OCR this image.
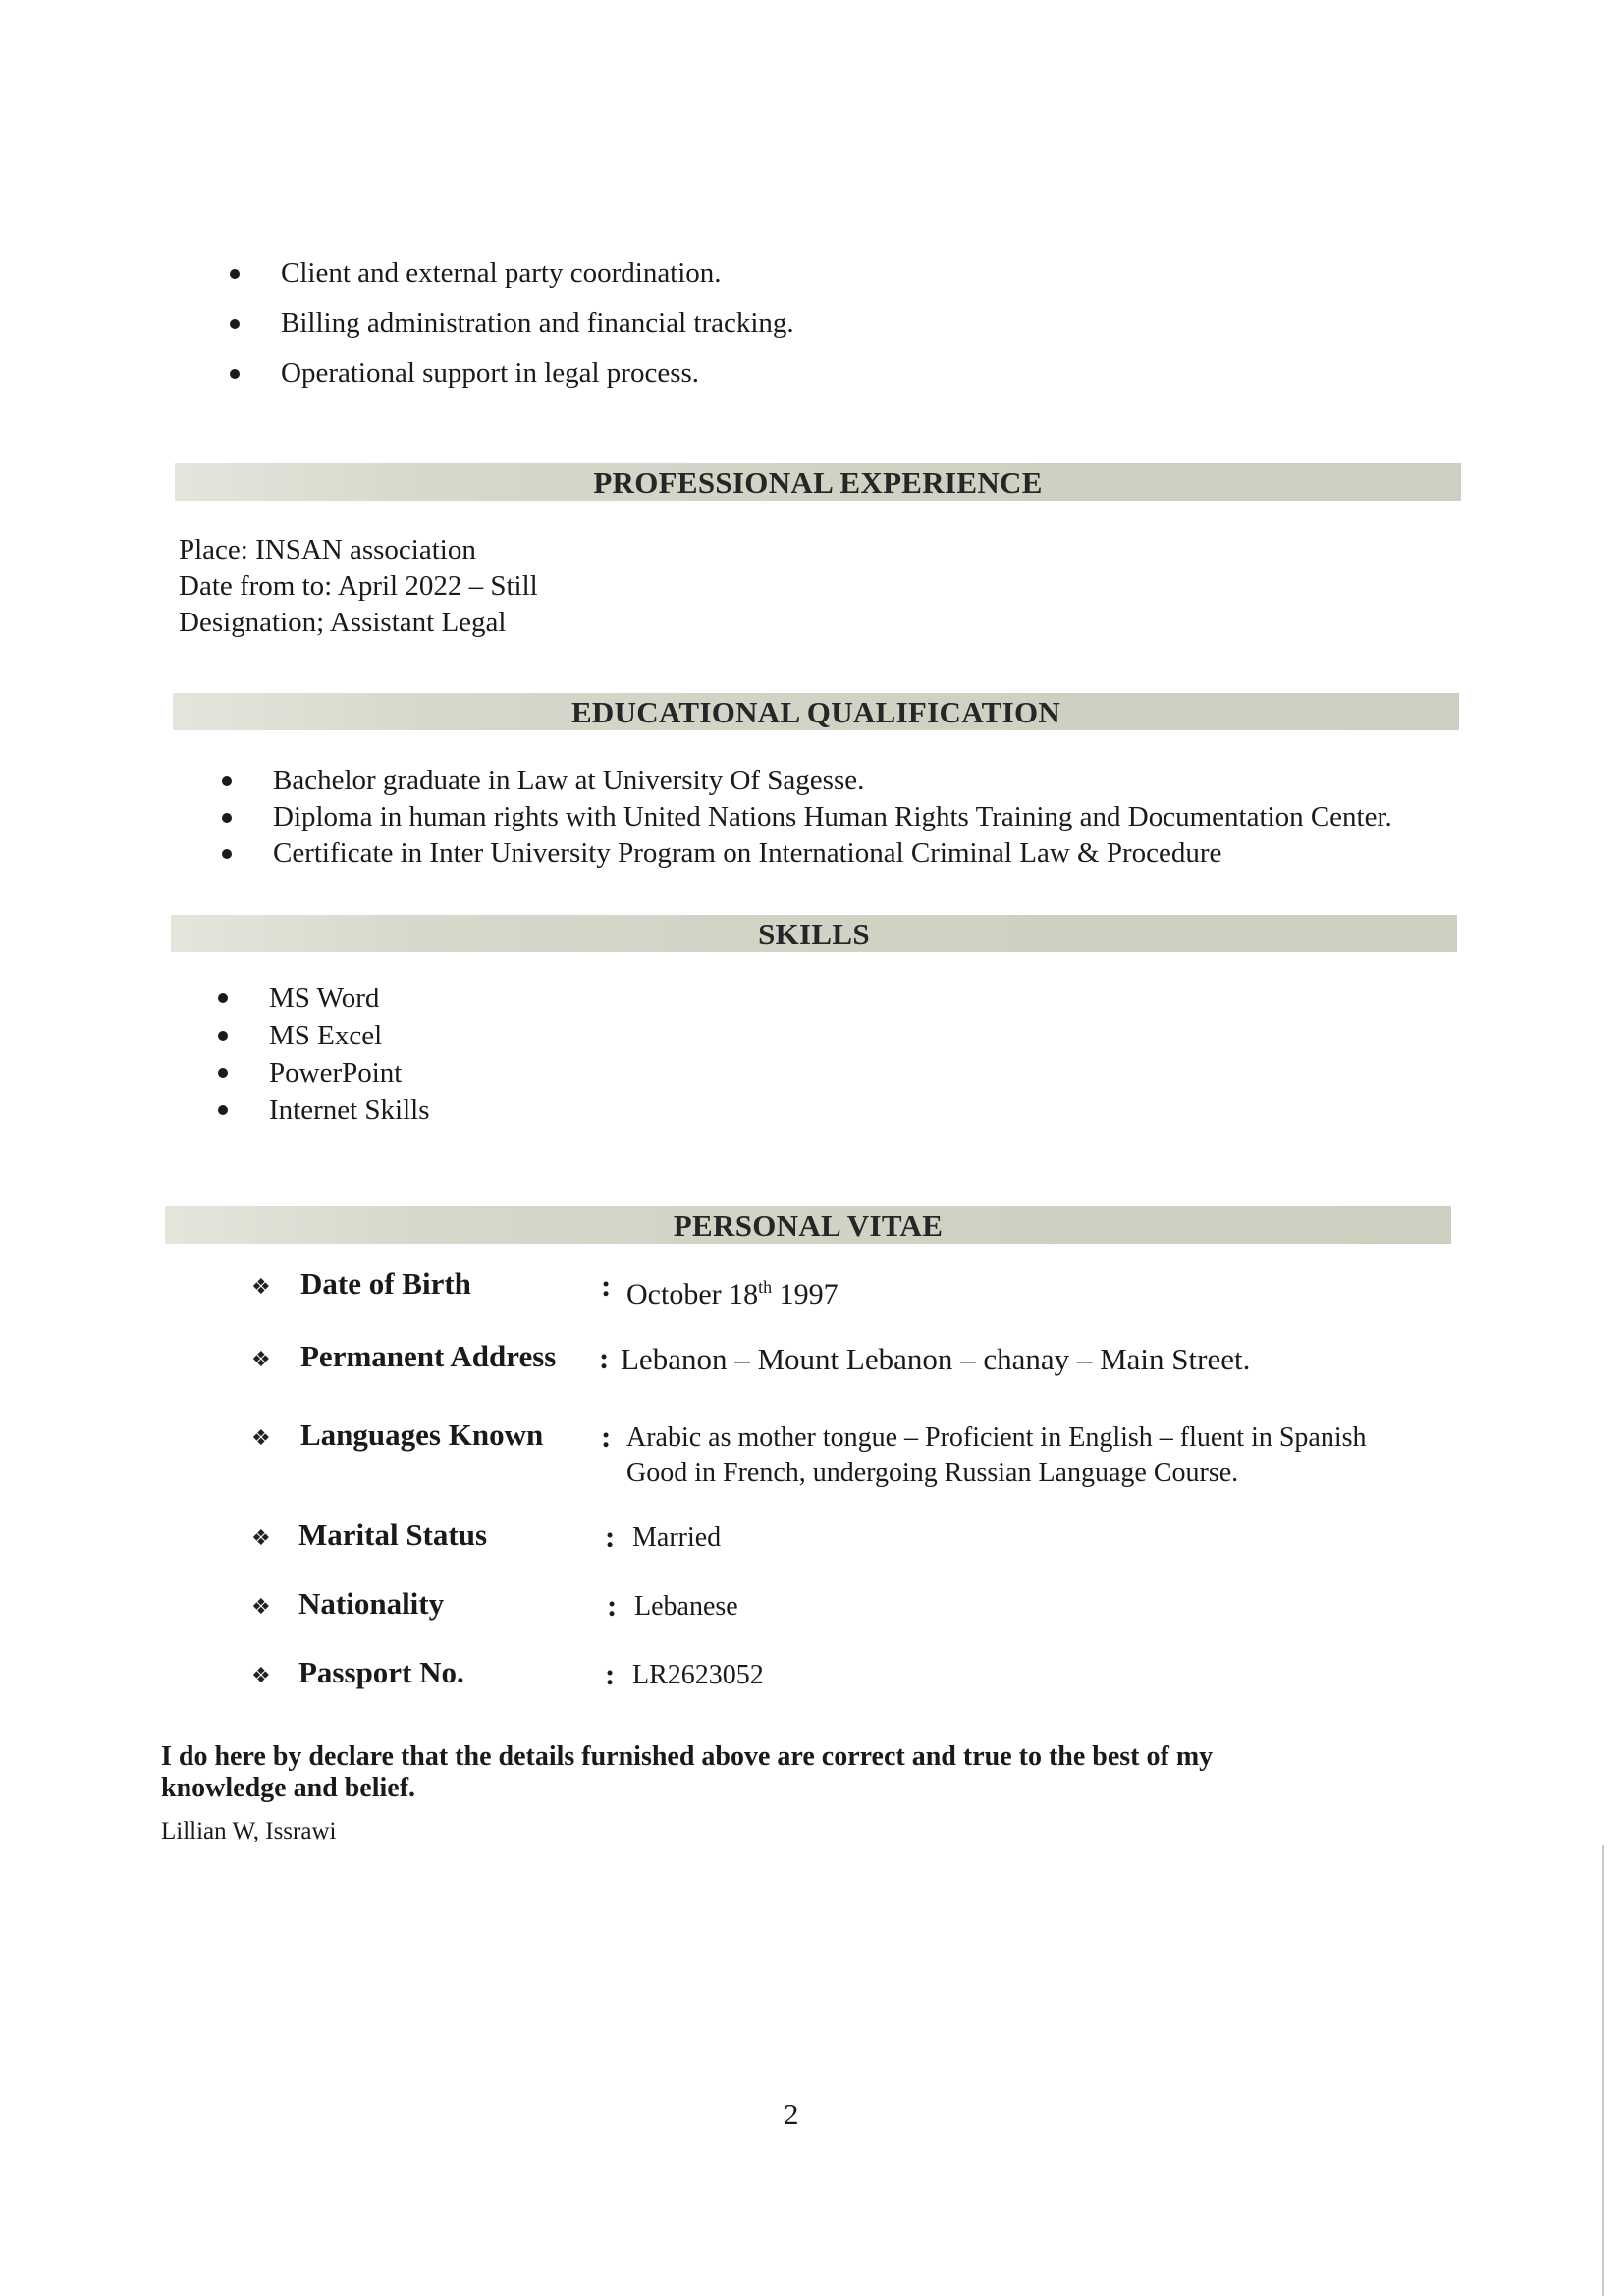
Client and external party coordination.
Billing administration and financial tracking.
Operational support in legal process.
PROFESSIONAL EXPERIENCE
Place: INSAN association
Date from to: April 2022 – Still
Designation; Assistant Legal
EDUCATIONAL QUALIFICATION
Bachelor graduate in Law at University Of Sagesse.
Diploma in human rights with United Nations Human Rights Training and Documentation Center.
Certificate in Inter University Program on International Criminal Law & Procedure
SKILLS
MS Word
MS Excel
PowerPoint
Internet Skills
PERSONAL VITAE
❖ Date of Birth	: October 18th 1997
❖ Permanent Address : Lebanon – Mount Lebanon – chanay – Main Street.
❖ Languages Known : Arabic as mother tongue – Proficient in English – fluent in Spanish
Good in French, undergoing Russian Language Course.
❖ Marital Status	: Married
❖ Nationality	: Lebanese
❖ Passport No.	: LR2623052
I do here by declare that the details furnished above are correct and true to the best of my knowledge and belief.
Lillian W, Issrawi
2
